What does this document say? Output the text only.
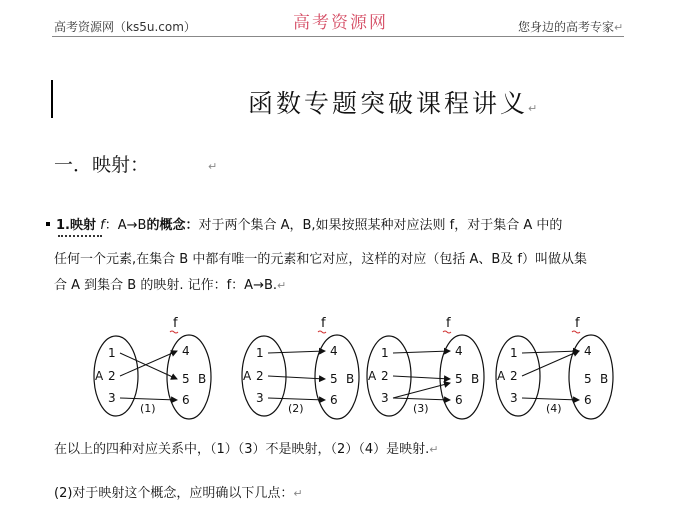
高考资源网（ks5u.com）	高考资源网	您身边的高考专家↵
函数专题突破课程讲义↵
一．映射：	↵
1.映射 f：A→B的概念：对于两个集合 A，B,如果按照某种对应法则 f，对于集合 A 中的
任何一个元素,在集合 B 中都有唯一的元素和它对应，这样的对应（包括 A、B及 f）叫做从集
合 A 到集合 B 的映射. 记作：f：A→B.↵
f
1
2
3
A
4
5
6
B
(1)
f
1
2
3
A
4
5
6
B
(2)
f
1
2
3
A
4
5
6
B
(3)
f
1
2
3
A
4
5
6
B
(4)
在以上的四种对应关系中，（1）（3）不是映射，（2）（4）是映射.↵
(2)对于映射这个概念，应明确以下几点：↵
